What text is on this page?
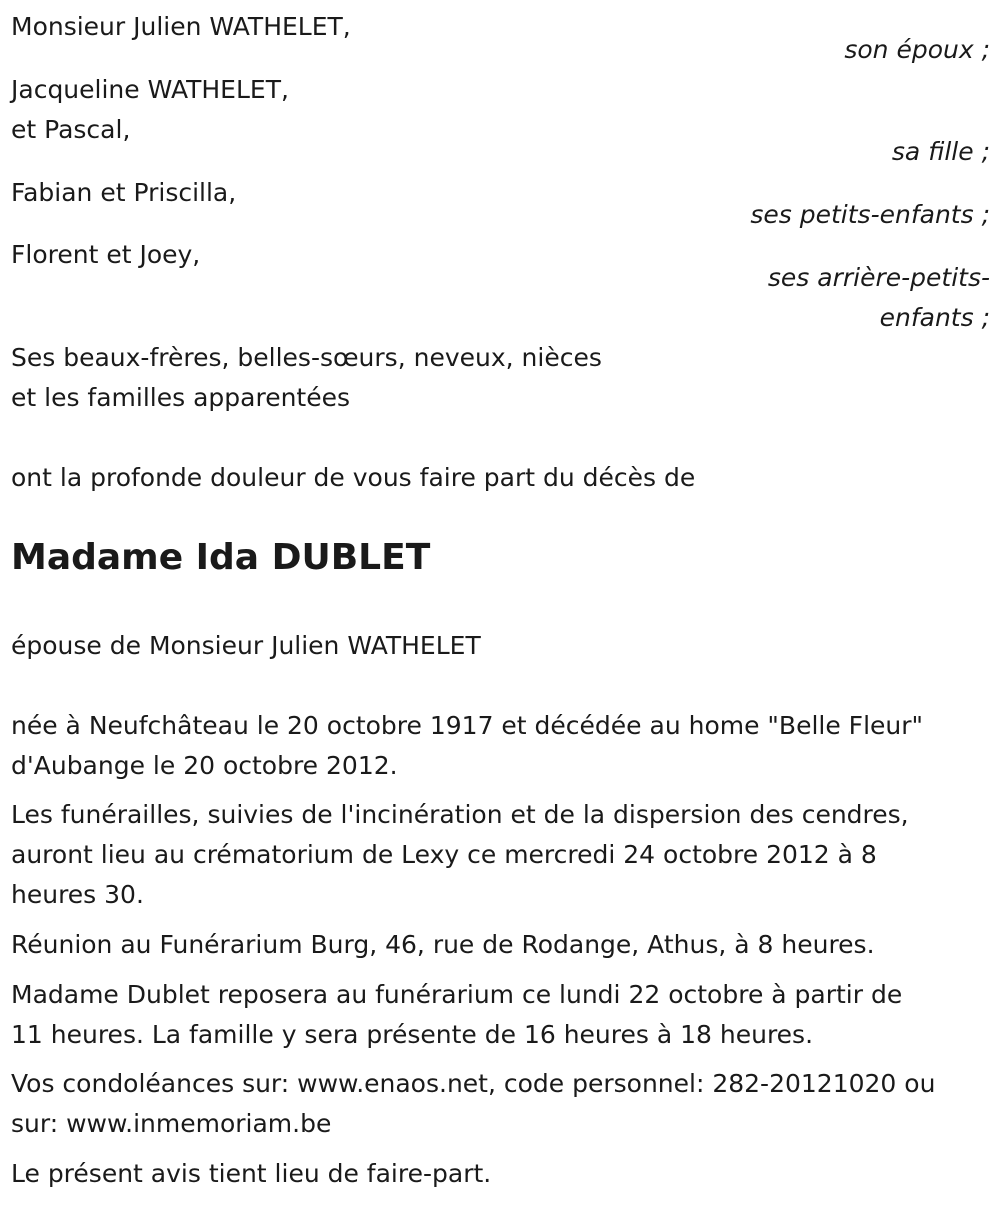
Monsieur Julien WATHELET,
son époux ;
Jacqueline WATHELET,
et Pascal,
sa fille ;
Fabian et Priscilla,
ses petits-enfants ;
Florent et Joey,
ses arrière-petits-
enfants ;
Ses beaux-frères, belles-sœurs, neveux, nièces
et les familles apparentées
ont la profonde douleur de vous faire part du décès de
Madame Ida DUBLET
épouse de Monsieur Julien WATHELET
née à Neufchâteau le 20 octobre 1917 et décédée au home "Belle Fleur"
d'Aubange le 20 octobre 2012.
Les funérailles, suivies de l'incinération et de la dispersion des cendres,
auront lieu au crématorium de Lexy ce mercredi 24 octobre 2012 à 8
heures 30.
Réunion au Funérarium Burg, 46, rue de Rodange, Athus, à 8 heures.
Madame Dublet reposera au funérarium ce lundi 22 octobre à partir de
11 heures. La famille y sera présente de 16 heures à 18 heures.
Vos condoléances sur: www.enaos.net, code personnel: 282-20121020 ou
sur: www.inmemoriam.be
Le présent avis tient lieu de faire-part.
